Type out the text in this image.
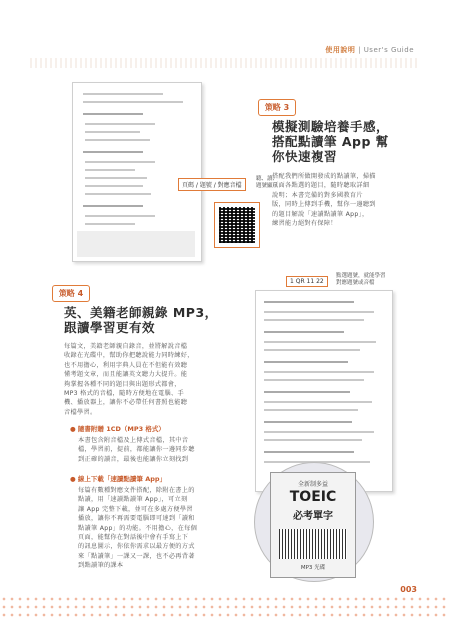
使用說明 | User's Guide
頁碼 / 題號 / 對應音檔
聽、讀、
題號顯示
策略 3
模擬測驗培養手感，
搭配點讀筆 App 幫
你快速複習
搭配我們所做開發成的點讀筆，掃描
頁面各點選的題目，隨時聽取詳細
說明；本書完備的對多國教育片
版，同時上傳到手機，幫你一邊聽到
的題目解說「速讀點讀筆 App」，
練習能力絕對有保障！
策略 4
英、美籍老師親錄 MP3，
跟讀學習更有效
每篇文，美籍老師親自錄音，並將解說音檔
收錄在光碟中，幫助你把聽說能力同時練好，
也不用擔心，利用字典人員在不但能有效聽
懂考題文章，而且能讓英文聽力大提升。能
夠掌握各種不同的題目與出題形式都會，
MP3 格式的音檔，隨時方便地在電腦、手
機、播放器上，讓你不必帶任何書照也能聽
音檔學習。
● 隨書附贈 1CD（MP3 格式）
本書包含附音檔及上傳式音檔，其中音
檔，學習前，提前，都能讓你一邊同步聽
到正確的讀音，最後也能讓你立刻找到
● 線上下載「速讀點讀筆 App」
每篇有數種對應文件搭配，除附在書上的
點讀，用「速讀點讀筆 App」，可立刻
讓 App 完整下載，並可在多處方便學習
播放，讓你不再需要電腦即可達到「讀和
點讀筆 App」的功能。不用擔心，在每個
頁面，能幫你在對話後中會有手寫上下
的訊息圖示，你依你需求以最方便的方式
來「點讀筆」一課又一課，也不必再背著
到點讀筆的課本
1 QR 11 22
點選題號，就能學習
對應題號或音檔
全新制多益
TOEIC
必考單字
MP3 光碟
003
